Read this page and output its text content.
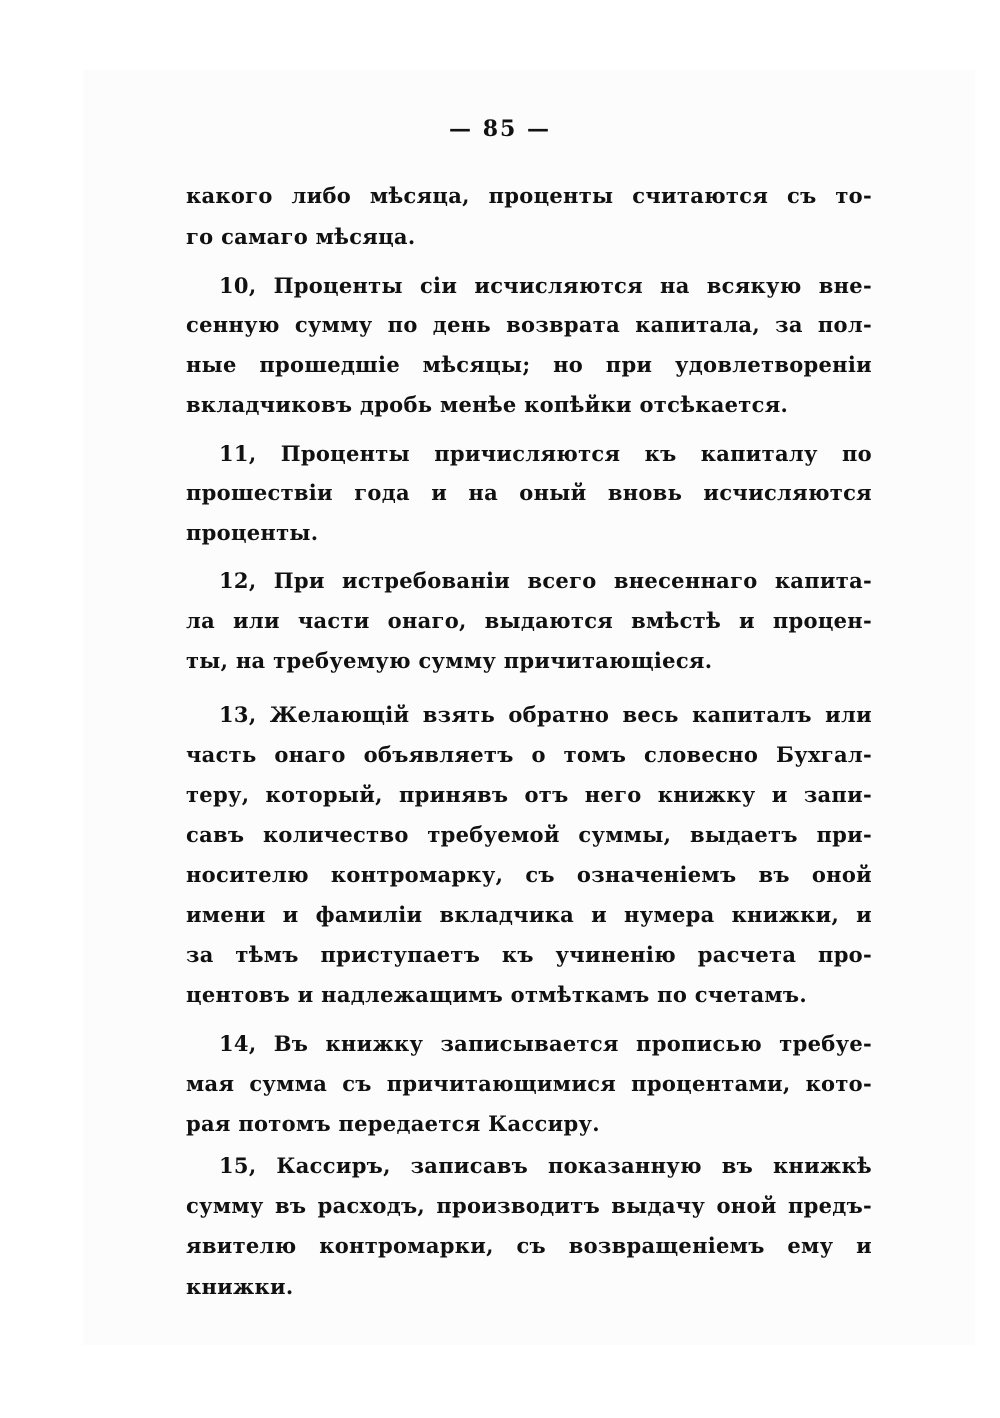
— 85 —
какого либо мѣсяца, проценты считаются съ то-
го самаго мѣсяца.
10, Проценты сіи исчисляются на всякую вне-
сенную сумму по день возврата капитала, за пол-
ные прошедшіе мѣсяцы; но при удовлетвореніи
вкладчиковъ дробь менѣе копѣйки отсѣкается.
11, Проценты причисляются къ капиталу по
прошествіи года и на оный вновь исчисляются
проценты.
12, При истребованіи всего внесеннаго капита-
ла или части онаго, выдаются вмѣстѣ и процен-
ты, на требуемую сумму причитающіеся.
13, Желающій взять обратно весь капиталъ или
часть онаго объявляетъ о томъ словесно Бухгал-
теру, который, принявъ отъ него книжку и запи-
савъ количество требуемой суммы, выдаетъ при-
носителю контромарку, съ означеніемъ въ оной
имени и фамиліи вкладчика и нумера книжки, и
за тѣмъ приступаетъ къ учиненію расчета про-
центовъ и надлежащимъ отмѣткамъ по счетамъ.
14, Въ книжку записывается прописью требуе-
мая сумма съ причитающимися процентами, кото-
рая потомъ передается Кассиру.
15, Кассиръ, записавъ показанную въ книжкѣ
сумму въ расходъ, производитъ выдачу оной предъ-
явителю контромарки, съ возвращеніемъ ему и
книжки.
